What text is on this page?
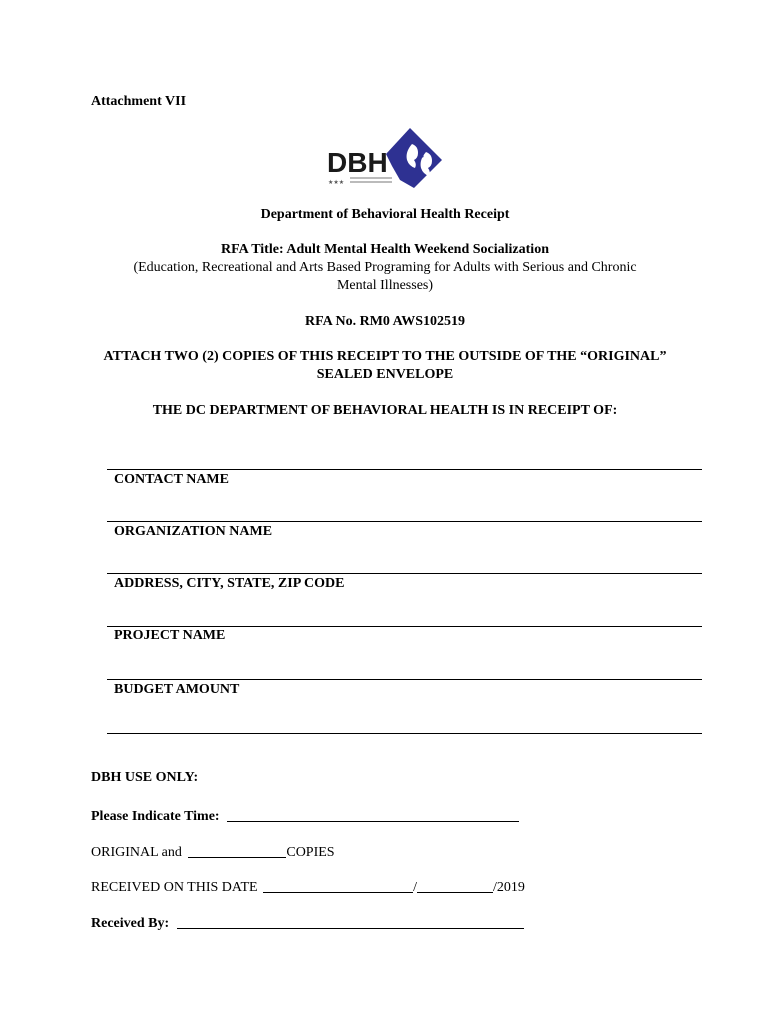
Attachment VII
DBH
★★★
Department of Behavioral Health Receipt
RFA Title: Adult Mental Health Weekend Socialization
(Education, Recreational and Arts Based Programing for Adults with Serious and Chronic
Mental Illnesses)
RFA No. RM0 AWS102519
ATTACH TWO (2) COPIES OF THIS RECEIPT TO THE OUTSIDE OF THE “ORIGINAL”
SEALED ENVELOPE
THE DC DEPARTMENT OF BEHAVIORAL HEALTH IS IN RECEIPT OF:
CONTACT NAME
ORGANIZATION NAME
ADDRESS, CITY, STATE, ZIP CODE
PROJECT NAME
BUDGET AMOUNT
DBH USE ONLY:
Please Indicate Time:
ORIGINAL and	COPIES
RECEIVED ON THIS DATE	/	/2019
Received By:
